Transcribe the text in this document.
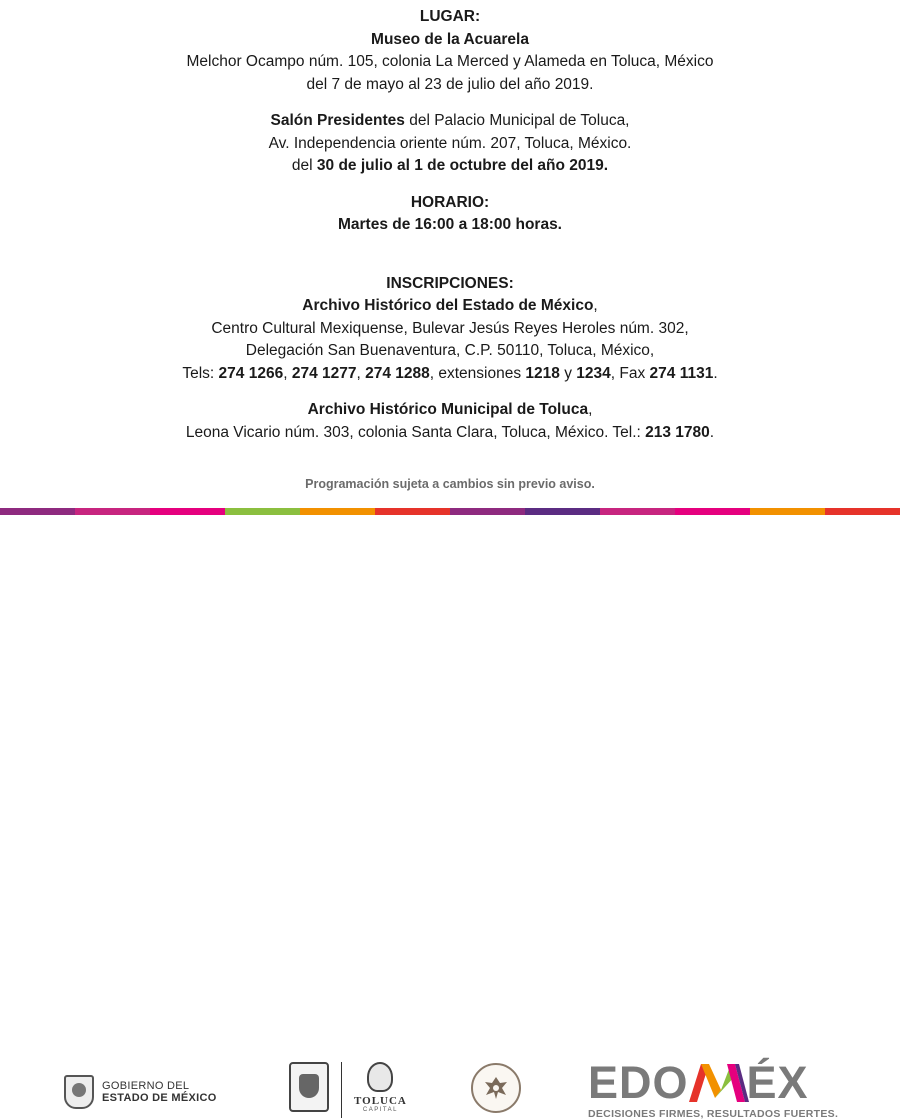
LUGAR:
Museo de la Acuarela
Melchor Ocampo núm. 105, colonia La Merced y Alameda en Toluca, México
del 7 de mayo al 23 de julio del año 2019.
Salón Presidentes del Palacio Municipal de Toluca,
Av. Independencia oriente núm. 207, Toluca, México.
del 30 de julio al 1 de octubre del año 2019.
HORARIO:
Martes de 16:00 a 18:00 horas.
INSCRIPCIONES:
Archivo Histórico del Estado de México,
Centro Cultural Mexiquense, Bulevar Jesús Reyes Heroles núm. 302,
Delegación San Buenaventura, C.P. 50110, Toluca, México,
Tels: 274 1266, 274 1277, 274 1288, extensiones 1218 y 1234, Fax 274 1131.
Archivo Histórico Municipal de Toluca,
Leona Vicario núm. 303, colonia Santa Clara, Toluca, México. Tel.: 213 1780.
Programación sujeta a cambios sin previo aviso.
GOBIERNO DEL
ESTADO DE MÉXICO	TOLUCA
CAPITAL
EDO ÉX
DECISIONES FIRMES, RESULTADOS FUERTES.
